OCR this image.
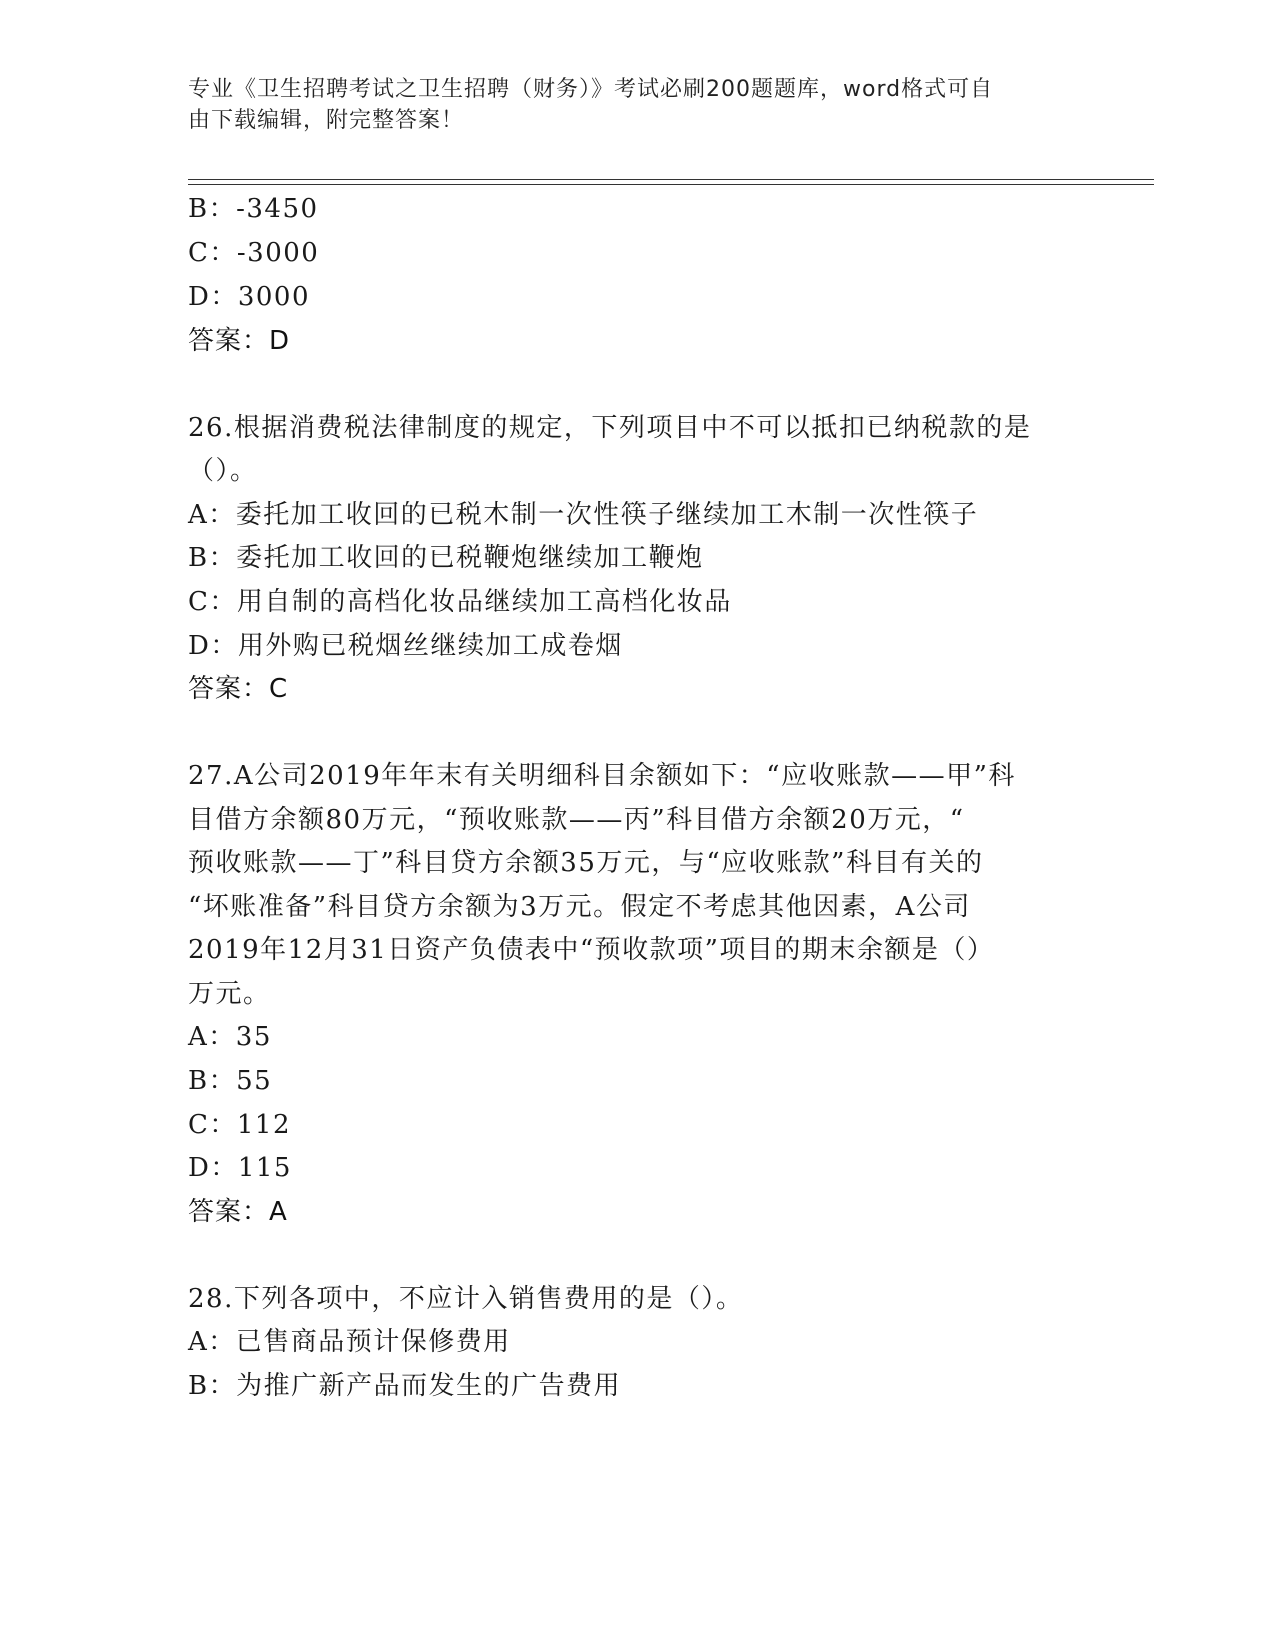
专业《卫生招聘考试之卫生招聘（财务）》考试必刷200题题库，word格式可自
由下载编辑，附完整答案！
B：-3450
C：-3000
D：3000
答案：D
26.根据消费税法律制度的规定，下列项目中不可以抵扣已纳税款的是
（）。
A：委托加工收回的已税木制一次性筷子继续加工木制一次性筷子
B：委托加工收回的已税鞭炮继续加工鞭炮
C：用自制的高档化妆品继续加工高档化妆品
D：用外购已税烟丝继续加工成卷烟
答案：C
27.A公司2019年年末有关明细科目余额如下：“应收账款——甲”科
目借方余额80万元，“预收账款——丙”科目借方余额20万元，“
预收账款——丁”科目贷方余额35万元，与“应收账款”科目有关的
“坏账准备”科目贷方余额为3万元。假定不考虑其他因素，A公司
2019年12月31日资产负债表中“预收款项”项目的期末余额是（）
万元。
A：35
B：55
C：112
D：115
答案：A
28.下列各项中，不应计入销售费用的是（）。
A：已售商品预计保修费用
B：为推广新产品而发生的广告费用
